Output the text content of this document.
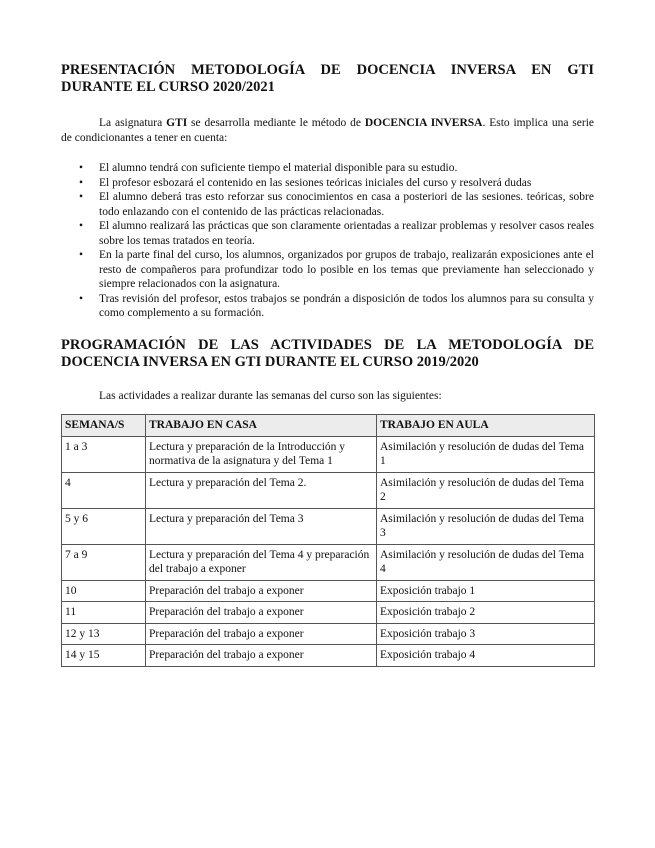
PRESENTACIÓN METODOLOGÍA DE DOCENCIA INVERSA EN GTI DURANTE EL CURSO 2020/2021

La asignatura GTI se desarrolla mediante le método de DOCENCIA INVERSA. Esto implica una serie de condicionantes a tener en cuenta:

• El alumno tendrá con suficiente tiempo el material disponible para su estudio.
• El profesor esbozará el contenido en las sesiones teóricas iniciales del curso y resolverá dudas
• El alumno deberá tras esto reforzar sus conocimientos en casa a posteriori de las sesiones. teóricas, sobre todo enlazando con el contenido de las prácticas relacionadas.
• El alumno realizará las prácticas que son claramente orientadas a realizar problemas y resolver casos reales sobre los temas tratados en teoría.
• En la parte final del curso, los alumnos, organizados por grupos de trabajo, realizarán exposiciones ante el resto de compañeros para profundizar todo lo posible en los temas que previamente han seleccionado y siempre relacionados con la asignatura.
• Tras revisión del profesor, estos trabajos se pondrán a disposición de todos los alumnos para su consulta y como complemento a su formación.
PROGRAMACIÓN DE LAS ACTIVIDADES DE LA METODOLOGÍA DE DOCENCIA INVERSA EN GTI DURANTE EL CURSO 2019/2020

Las actividades a realizar durante las semanas del curso son las siguientes:

SEMANA/S	TRABAJO EN CASA	TRABAJO EN AULA
1 a 3	Lectura y preparación de la Introducción y normativa de la asignatura y del Tema 1	Asimilación y resolución de dudas del Tema 1
4	Lectura y preparación del Tema 2.	Asimilación y resolución de dudas del Tema 2
5 y 6	Lectura y preparación del Tema 3	Asimilación y resolución de dudas del Tema 3
7 a 9	Lectura y preparación del Tema 4 y preparación del trabajo a exponer	Asimilación y resolución de dudas del Tema 4
10	Preparación del trabajo a exponer	Exposición trabajo 1
11	Preparación del trabajo a exponer	Exposición trabajo 2
12 y 13	Preparación del trabajo a exponer	Exposición trabajo 3
14 y 15	Preparación del trabajo a exponer	Exposición trabajo 4
